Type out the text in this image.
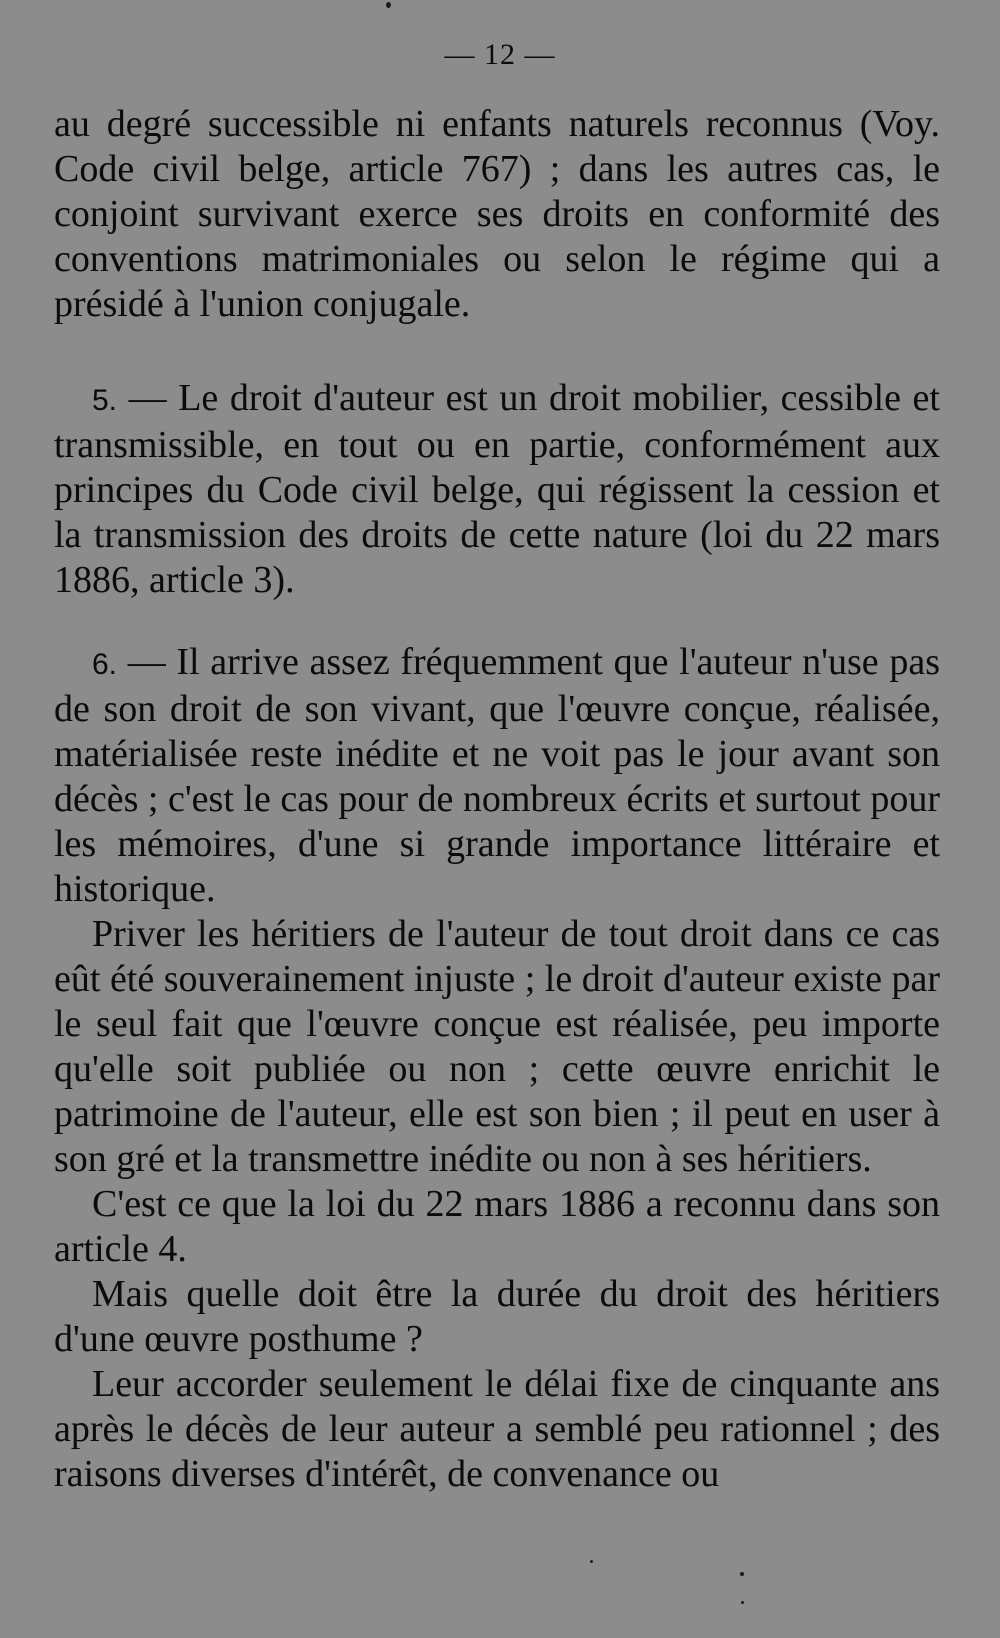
— 12 —

au degré successible ni enfants naturels reconnus (Voy. Code civil belge, article 767) ; dans les autres cas, le conjoint survivant exerce ses droits en conformité des conventions matrimoniales ou selon le régime qui a présidé à l'union conjugale.

5. — Le droit d'auteur est un droit mobilier, cessible et transmissible, en tout ou en partie, conformément aux principes du Code civil belge, qui régissent la cession et la transmission des droits de cette nature (loi du 22 mars 1886, article 3).

6. — Il arrive assez fréquemment que l'auteur n'use pas de son droit de son vivant, que l'œuvre conçue, réalisée, matérialisée reste inédite et ne voit pas le jour avant son décès ; c'est le cas pour de nombreux écrits et surtout pour les mémoires, d'une si grande importance littéraire et historique.

Priver les héritiers de l'auteur de tout droit dans ce cas eût été souverainement injuste ; le droit d'auteur existe par le seul fait que l'œuvre conçue est réalisée, peu importe qu'elle soit publiée ou non ; cette œuvre enrichit le patrimoine de l'auteur, elle est son bien ; il peut en user à son gré et la transmettre inédite ou non à ses héritiers.

C'est ce que la loi du 22 mars 1886 a reconnu dans son article 4.

Mais quelle doit être la durée du droit des héritiers d'une œuvre posthume ?

Leur accorder seulement le délai fixe de cinquante ans après le décès de leur auteur a semblé peu rationnel ; des raisons diverses d'intérêt, de convenance ou
